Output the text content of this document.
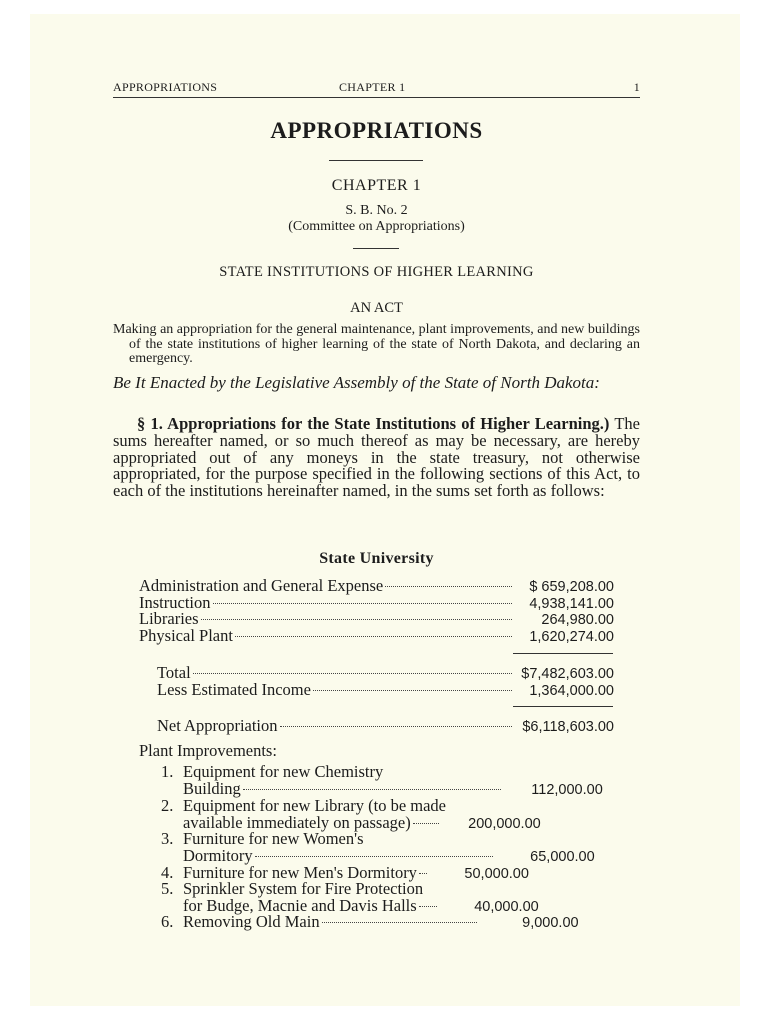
APPROPRIATIONS	CHAPTER 1	1
APPROPRIATIONS
CHAPTER 1
S. B. No. 2
(Committee on Appropriations)
STATE INSTITUTIONS OF HIGHER LEARNING
AN ACT
Making an appropriation for the general maintenance, plant improvements, and new buildings of the state institutions of higher learning of the state of North Dakota, and declaring an emergency.
Be It Enacted by the Legislative Assembly of the State of North Dakota:
§ 1. Appropriations for the State Institutions of Higher Learning.) The sums hereafter named, or so much thereof as may be necessary, are hereby appropriated out of any moneys in the state treasury, not otherwise appropriated, for the purpose specified in the following sections of this Act, to each of the institutions hereinafter named, in the sums set forth as follows:
State University
Administration and General Expense	$ 659,208.00
Instruction	4,938,141.00
Libraries	264,980.00
Physical Plant	1,620,274.00
Total	$7,482,603.00
Less Estimated Income	1,364,000.00
Net Appropriation	$6,118,603.00
Plant Improvements:
1. Equipment for new Chemistry
Building	112,000.00
2. Equipment for new Library (to be made
available immediately on passage)	200,000.00
3. Furniture for new Women's
Dormitory	65,000.00
4. Furniture for new Men's Dormitory	50,000.00
5. Sprinkler System for Fire Protection
for Budge, Macnie and Davis Halls	40,000.00
6. Removing Old Main	9,000.00
